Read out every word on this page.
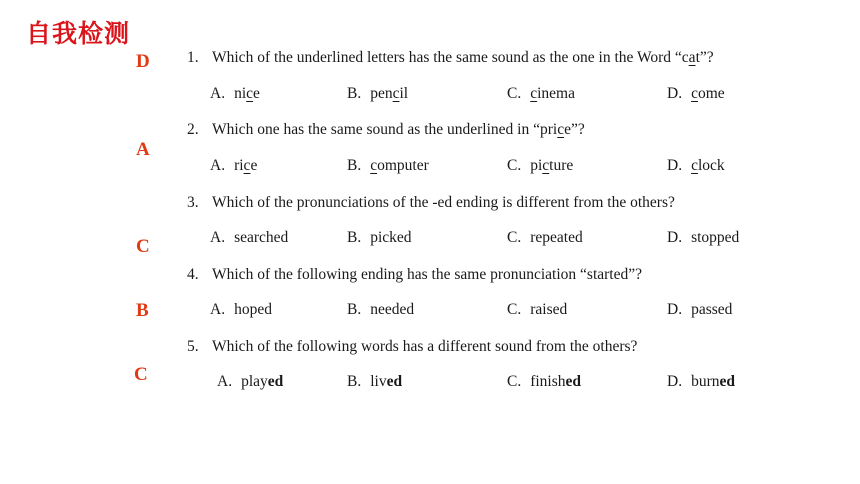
自我检测
D
A
C
B
C
1. Which of the underlined letters has the same sound as the one in the Word “cat”?
A. nice	B. pencil	C. cinema	D. come
2. Which one has the same sound as the underlined in “price”?
A. rice	B. computer	C. picture	D. clock
3. Which of the pronunciations of the -ed ending is different from the others?
A. searched	B. picked	C. repeated	D. stopped
4. Which of the following ending has the same pronunciation “started”?
A. hoped	B. needed	C. raised	D. passed
5. Which of the following words has a different sound from the others?
A. played	B. lived	C. finished	D. burned
